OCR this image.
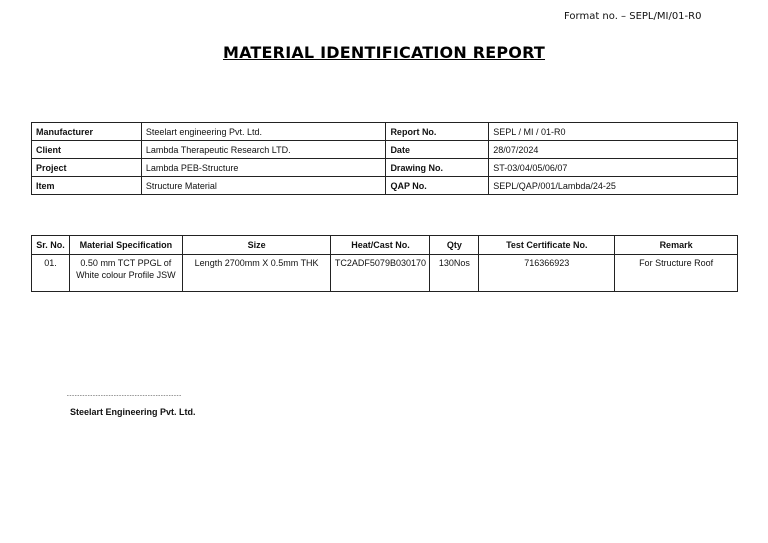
Format no. – SEPL/MI/01-R0
MATERIAL IDENTIFICATION REPORT
Manufacturer	Steelart engineering Pvt. Ltd.	Report No.	SEPL / MI / 01-R0
Client	Lambda Therapeutic Research LTD.	Date	28/07/2024
Project	Lambda PEB-Structure	Drawing No.	ST-03/04/05/06/07
Item	Structure Material	QAP No.	SEPL/QAP/001/Lambda/24-25
Sr. No.	Material Specification	Size	Heat/Cast No.	Qty	Test Certificate No.	Remark
01.	0.50 mm TCT PPGL of
White colour Profile JSW	Length 2700mm X 0.5mm THK	TC2ADF5079B030170	130Nos	716366923	For Structure Roof
--------------------------------------------
Steelart Engineering Pvt. Ltd.
